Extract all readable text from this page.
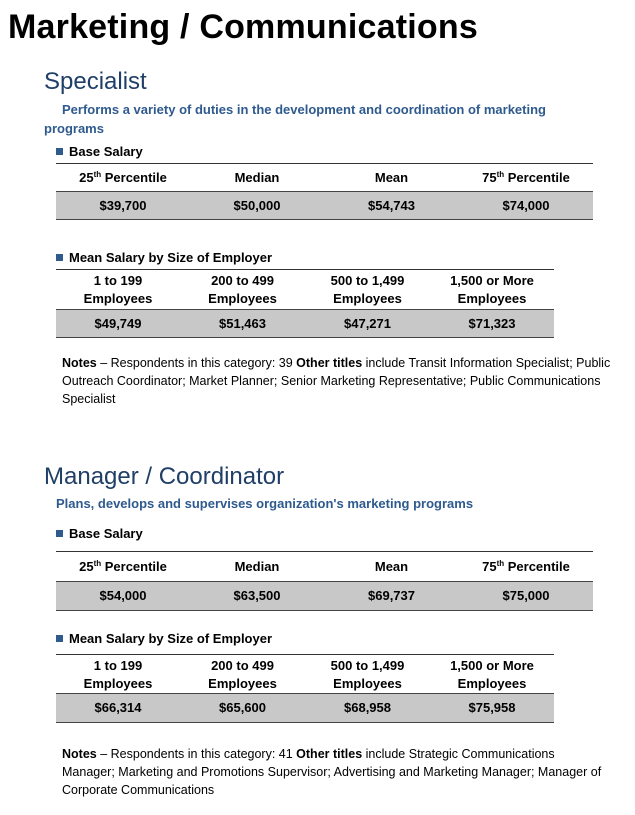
Marketing / Communications
Specialist
Performs a variety of duties in the development and coordination of marketing programs
Base Salary
25th Percentile	Median	Mean	75th Percentile
$39,700	$50,000	$54,743	$74,000
Mean Salary by Size of Employer
1 to 199
Employees
200 to 499
Employees
500 to 1,499
Employees
1,500 or More
Employees
$49,749	$51,463	$47,271	$71,323
Notes – Respondents in this category: 39 Other titles include Transit Information Specialist; Public Outreach Coordinator; Market Planner; Senior Marketing Representative; Public Communications Specialist
Manager / Coordinator
Plans, develops and supervises organization's marketing programs
Base Salary
25th Percentile	Median	Mean	75th Percentile
$54,000	$63,500	$69,737	$75,000
Mean Salary by Size of Employer
1 to 199
Employees
200 to 499
Employees
500 to 1,499
Employees
1,500 or More
Employees
$66,314	$65,600	$68,958	$75,958
Notes – Respondents in this category: 41 Other titles include Strategic Communications Manager; Marketing and Promotions Supervisor; Advertising and Marketing Manager; Manager of Corporate Communications
